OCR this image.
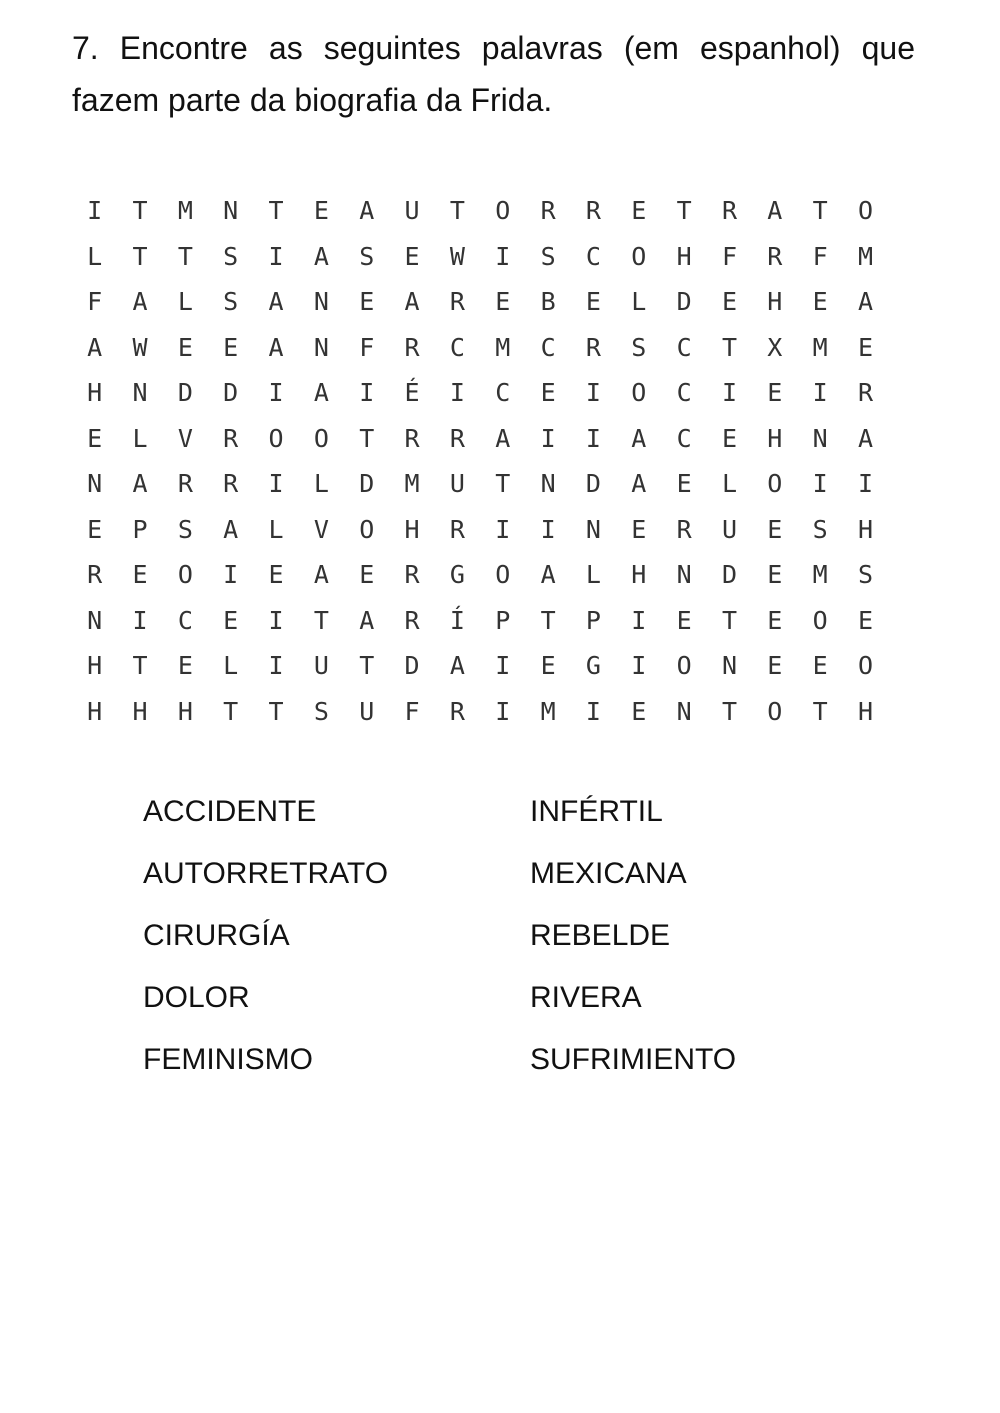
7. Encontre as seguintes palavras (em espanhol) que fazem parte da biografia da Frida.

I	T	M	N	T	E	A	U	T	O	R	R	E	T	R	A	T	O
L	T	T	S	I	A	S	E	W	I	S	C	O	H	F	R	F	M
F	A	L	S	A	N	E	A	R	E	B	E	L	D	E	H	E	A
A	W	E	E	A	N	F	R	C	M	C	R	S	C	T	X	M	E
H	N	D	D	I	A	I	É	I	C	E	I	O	C	I	E	I	R
E	L	V	R	O	O	T	R	R	A	I	I	A	C	E	H	N	A
N	A	R	R	I	L	D	M	U	T	N	D	A	E	L	O	I	I
E	P	S	A	L	V	O	H	R	I	I	N	E	R	U	E	S	H
R	E	O	I	E	A	E	R	G	O	A	L	H	N	D	E	M	S
N	I	C	E	I	T	A	R	Í	P	T	P	I	E	T	E	O	E
H	T	E	L	I	U	T	D	A	I	E	G	I	O	N	E	E	O
H	H	H	T	T	S	U	F	R	I	M	I	E	N	T	O	T	H
ACCIDENTE	INFÉRTIL
AUTORRETRATO	MEXICANA
CIRURGÍA	REBELDE
DOLOR	RIVERA
FEMINISMO	SUFRIMIENTO
